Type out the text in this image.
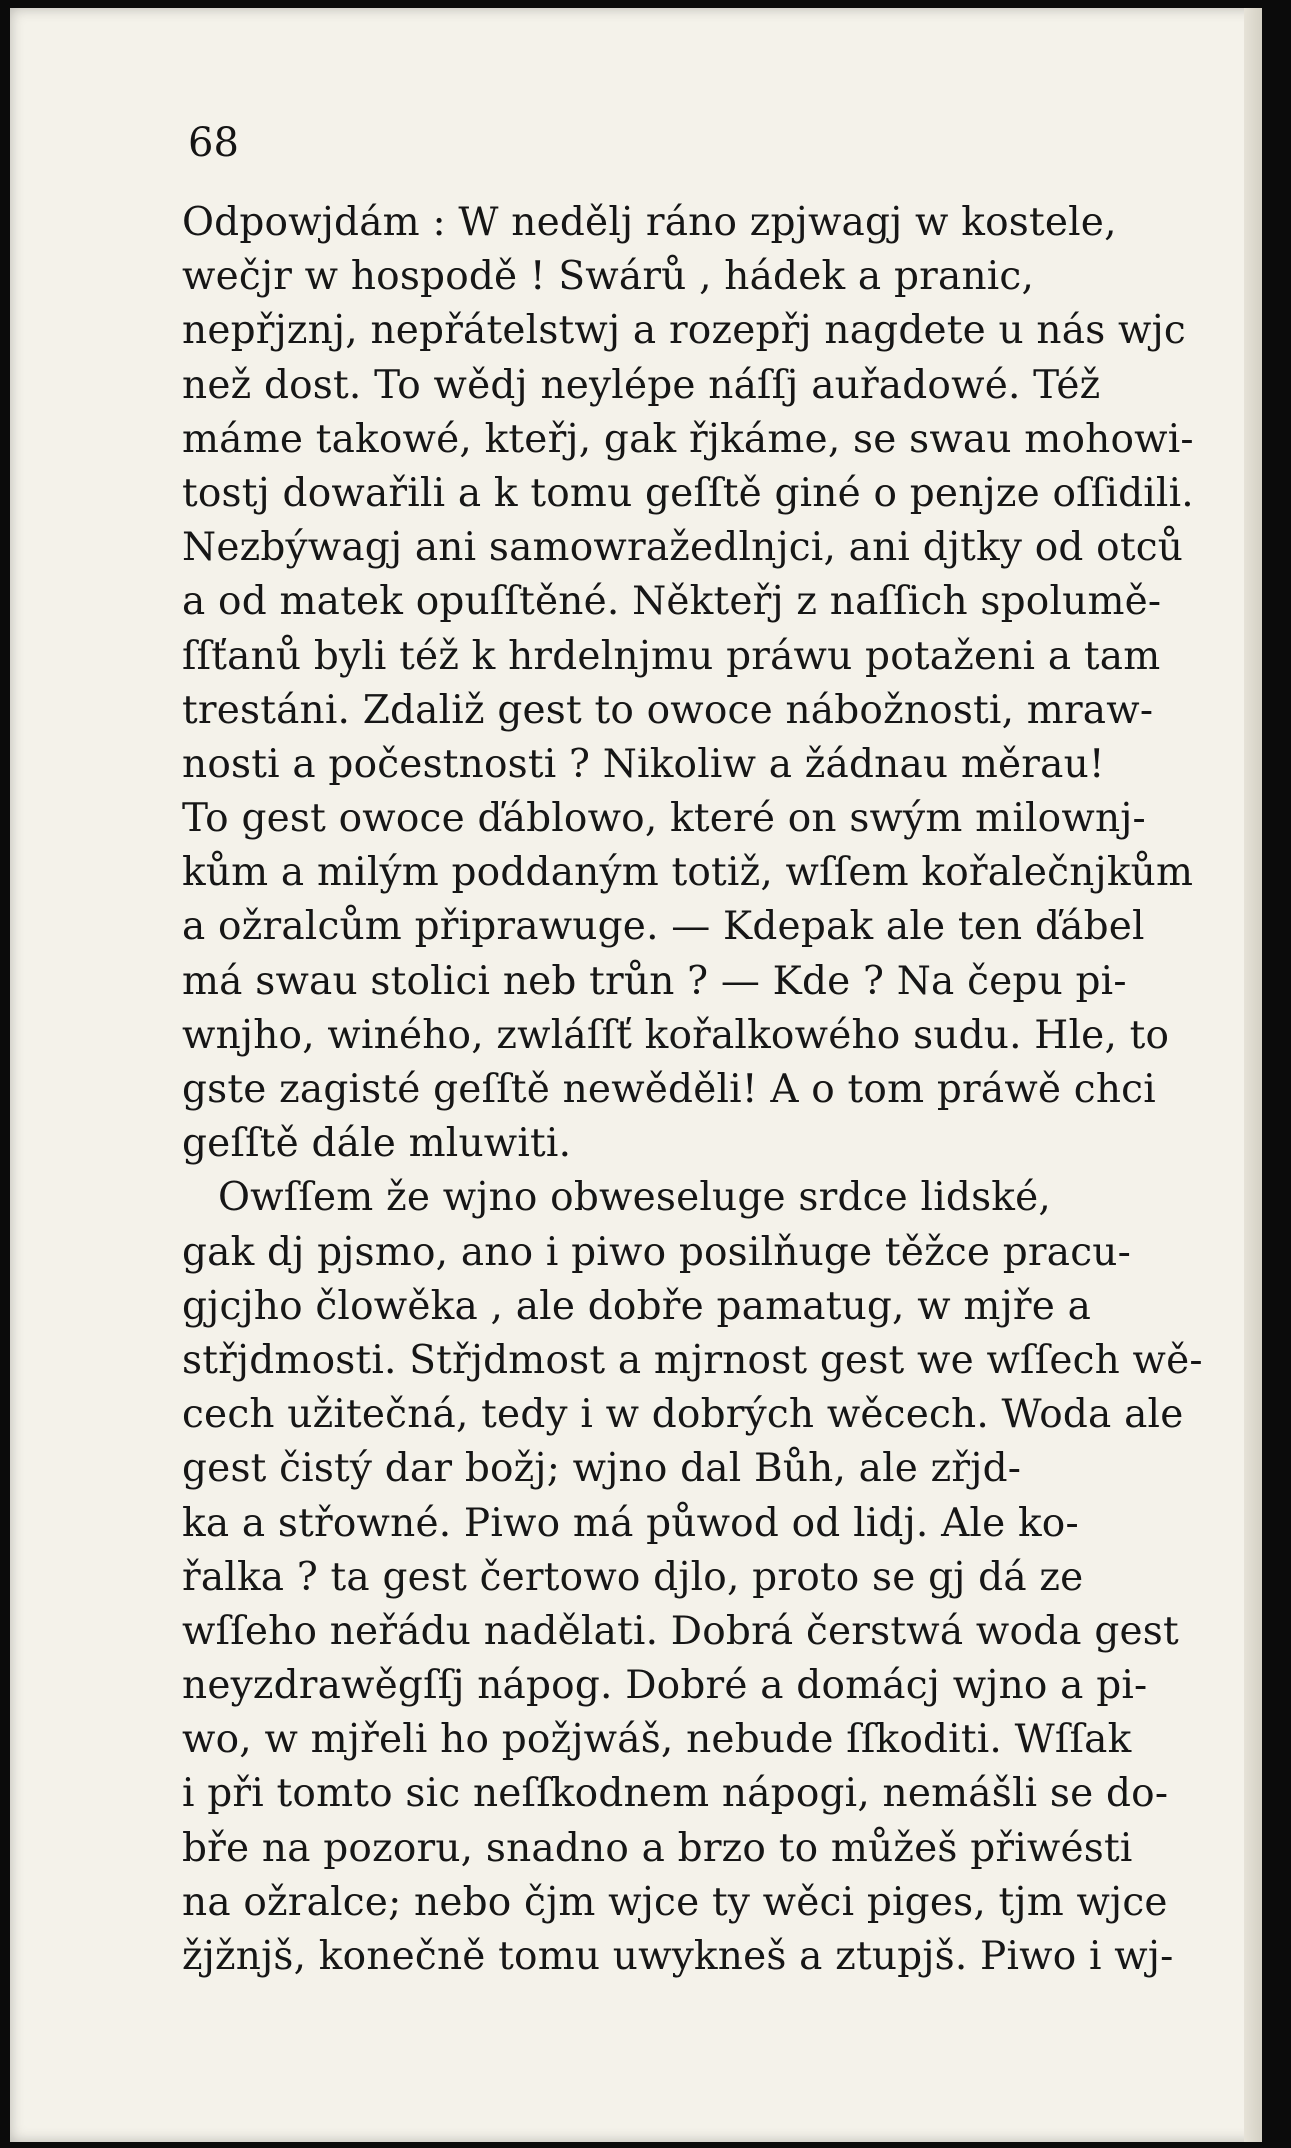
68
Odpowjdám : W nedělj ráno zpjwagj w kostele,
wečjr w hospodě ! Swárů , hádek a pranic,
nepřjznj, nepřátelstwj a rozepřj nagdete u nás wjc
než dost. To wědj neylépe náſſj auřadowé. Též
máme takowé, kteřj, gak řjkáme, se swau mohowi-
tostj dowařili a k tomu geſſtě giné o penjze oſſidili.
Nezbýwagj ani samowražedlnjci, ani djtky od otců
a od matek opuſſtěné. Někteřj z naſſich spolumě-
ſſťanů byli též k hrdelnjmu práwu potaženi a tam
trestáni. Zdaliž gest to owoce nábožnosti, mraw-
nosti a počestnosti ? Nikoliw a žádnau měrau!
To gest owoce ďáblowo, které on swým milownj-
kům a milým poddaným totiž, wſſem kořalečnjkům
a ožralcům připrawuge. — Kdepak ale ten ďábel
má swau stolici neb trůn ? — Kde ? Na čepu pi-
wnjho, winého, zwláſſť kořalkowého sudu. Hle, to
gste zagisté geſſtě newěděli! A o tom práwě chci
geſſtě dále mluwiti.
Owſſem že wjno obweseluge srdce lidské,
gak dj pjsmo, ano i piwo posilňuge těžce pracu-
gjcjho člowěka , ale dobře pamatug, w mjře a
střjdmosti. Střjdmost a mjrnost gest we wſſech wě-
cech užitečná, tedy i w dobrých wěcech. Woda ale
gest čistý dar božj; wjno dal Bůh, ale zřjd-
ka a střowné. Piwo má půwod od lidj. Ale ko-
řalka ? ta gest čertowo djlo, proto se gj dá ze
wſſeho neřádu nadělati. Dobrá čerstwá woda gest
neyzdrawěgſſj nápog. Dobré a domácj wjno a pi-
wo, w mjřeli ho požjwáš, nebude ſſkoditi. Wſſak
i při tomto sic neſſkodnem nápogi, nemášli se do-
bře na pozoru, snadno a brzo to můžeš přiwésti
na ožralce; nebo čjm wjce ty wěci piges, tjm wjce
žjžnjš, konečně tomu uwykneš a ztupjš. Piwo i wj-
